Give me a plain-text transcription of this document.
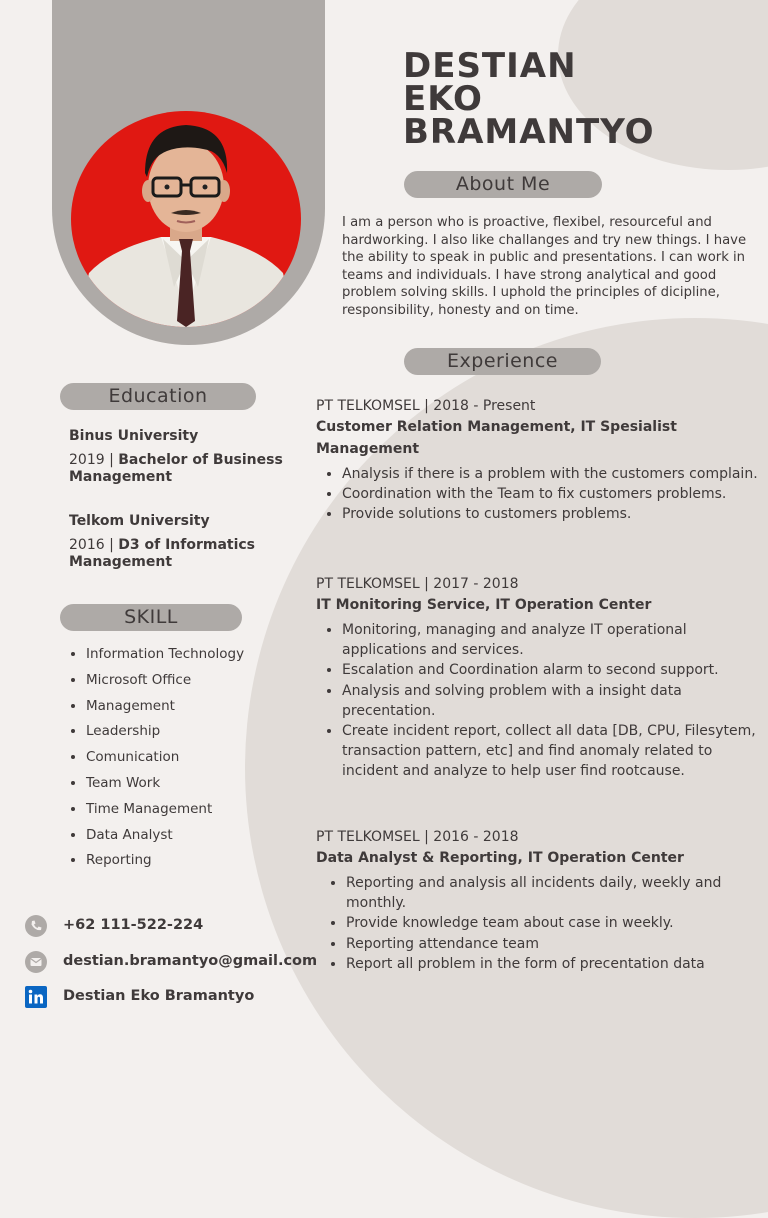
DESTIAN
EKO
BRAMANTYO
About Me

I am a person who is proactive, flexibel, resourceful and hardworking. I also like challanges and try new things. I have the ability to speak in public and presentations. I can work in teams and individuals. I have strong analytical and good problem solving skills. I uphold the principles of dicipline, responsibility, honesty and on time.

Experience

PT TELKOMSEL | 2018 - Present

Customer Relation Management, IT Spesialist Management

• Analysis if there is a problem with the customers complain.
• Coordination with the Team to fix customers problems.
• Provide solutions to customers problems.

PT TELKOMSEL | 2017 - 2018

IT Monitoring Service, IT Operation Center

• Monitoring, managing and analyze IT operational applications and services.
• Escalation and Coordination alarm to second support.
• Analysis and solving problem with a insight data precentation.
• Create incident report, collect all data [DB, CPU, Filesytem, transaction pattern, etc] and find anomaly related to incident and analyze to help user find rootcause.

PT TELKOMSEL | 2016 - 2018

Data Analyst & Reporting, IT Operation Center

• Reporting and analysis all incidents daily, weekly and monthly.
• Provide knowledge team about case in weekly.
• Reporting attendance team
• Report all problem in the form of precentation data
Education

Binus University

2019 | Bachelor of Business Management

Telkom University

2016 | D3 of Informatics Management

SKILL
• Information Technology
• Microsoft Office
• Management
• Leadership
• Comunication
• Team Work
• Time Management
• Data Analyst
• Reporting
+62 111-522-224
destian.bramantyo@gmail.com
Destian Eko Bramantyo
